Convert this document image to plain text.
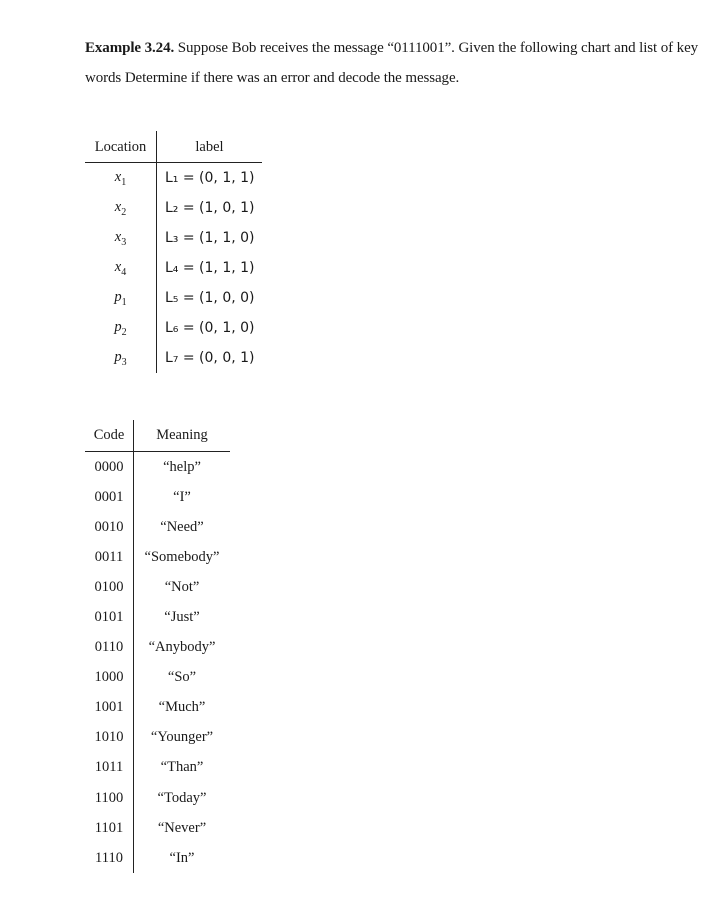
Example 3.24. Suppose Bob receives the message “0111001”. Given the following chart and list of key words Determine if there was an error and decode the message.

Location	label
$x_1$	L₁ = (0, 1, 1)
$x_2$	L₂ = (1, 0, 1)
$x_3$	L₃ = (1, 1, 0)
$x_4$	L₄ = (1, 1, 1)
$p_1$	L₅ = (1, 0, 0)
$p_2$	L₆ = (0, 1, 0)
$p_3$	L₇ = (0, 0, 1)
Code	Meaning
0000	“help”
0001	“I”
0010	“Need”
0011	“Somebody”
0100	“Not”
0101	“Just”
0110	“Anybody”
1000	“So”
1001	“Much”
1010	“Younger”
1011	“Than”
1100	“Today”
1101	“Never”
1110	“In”
